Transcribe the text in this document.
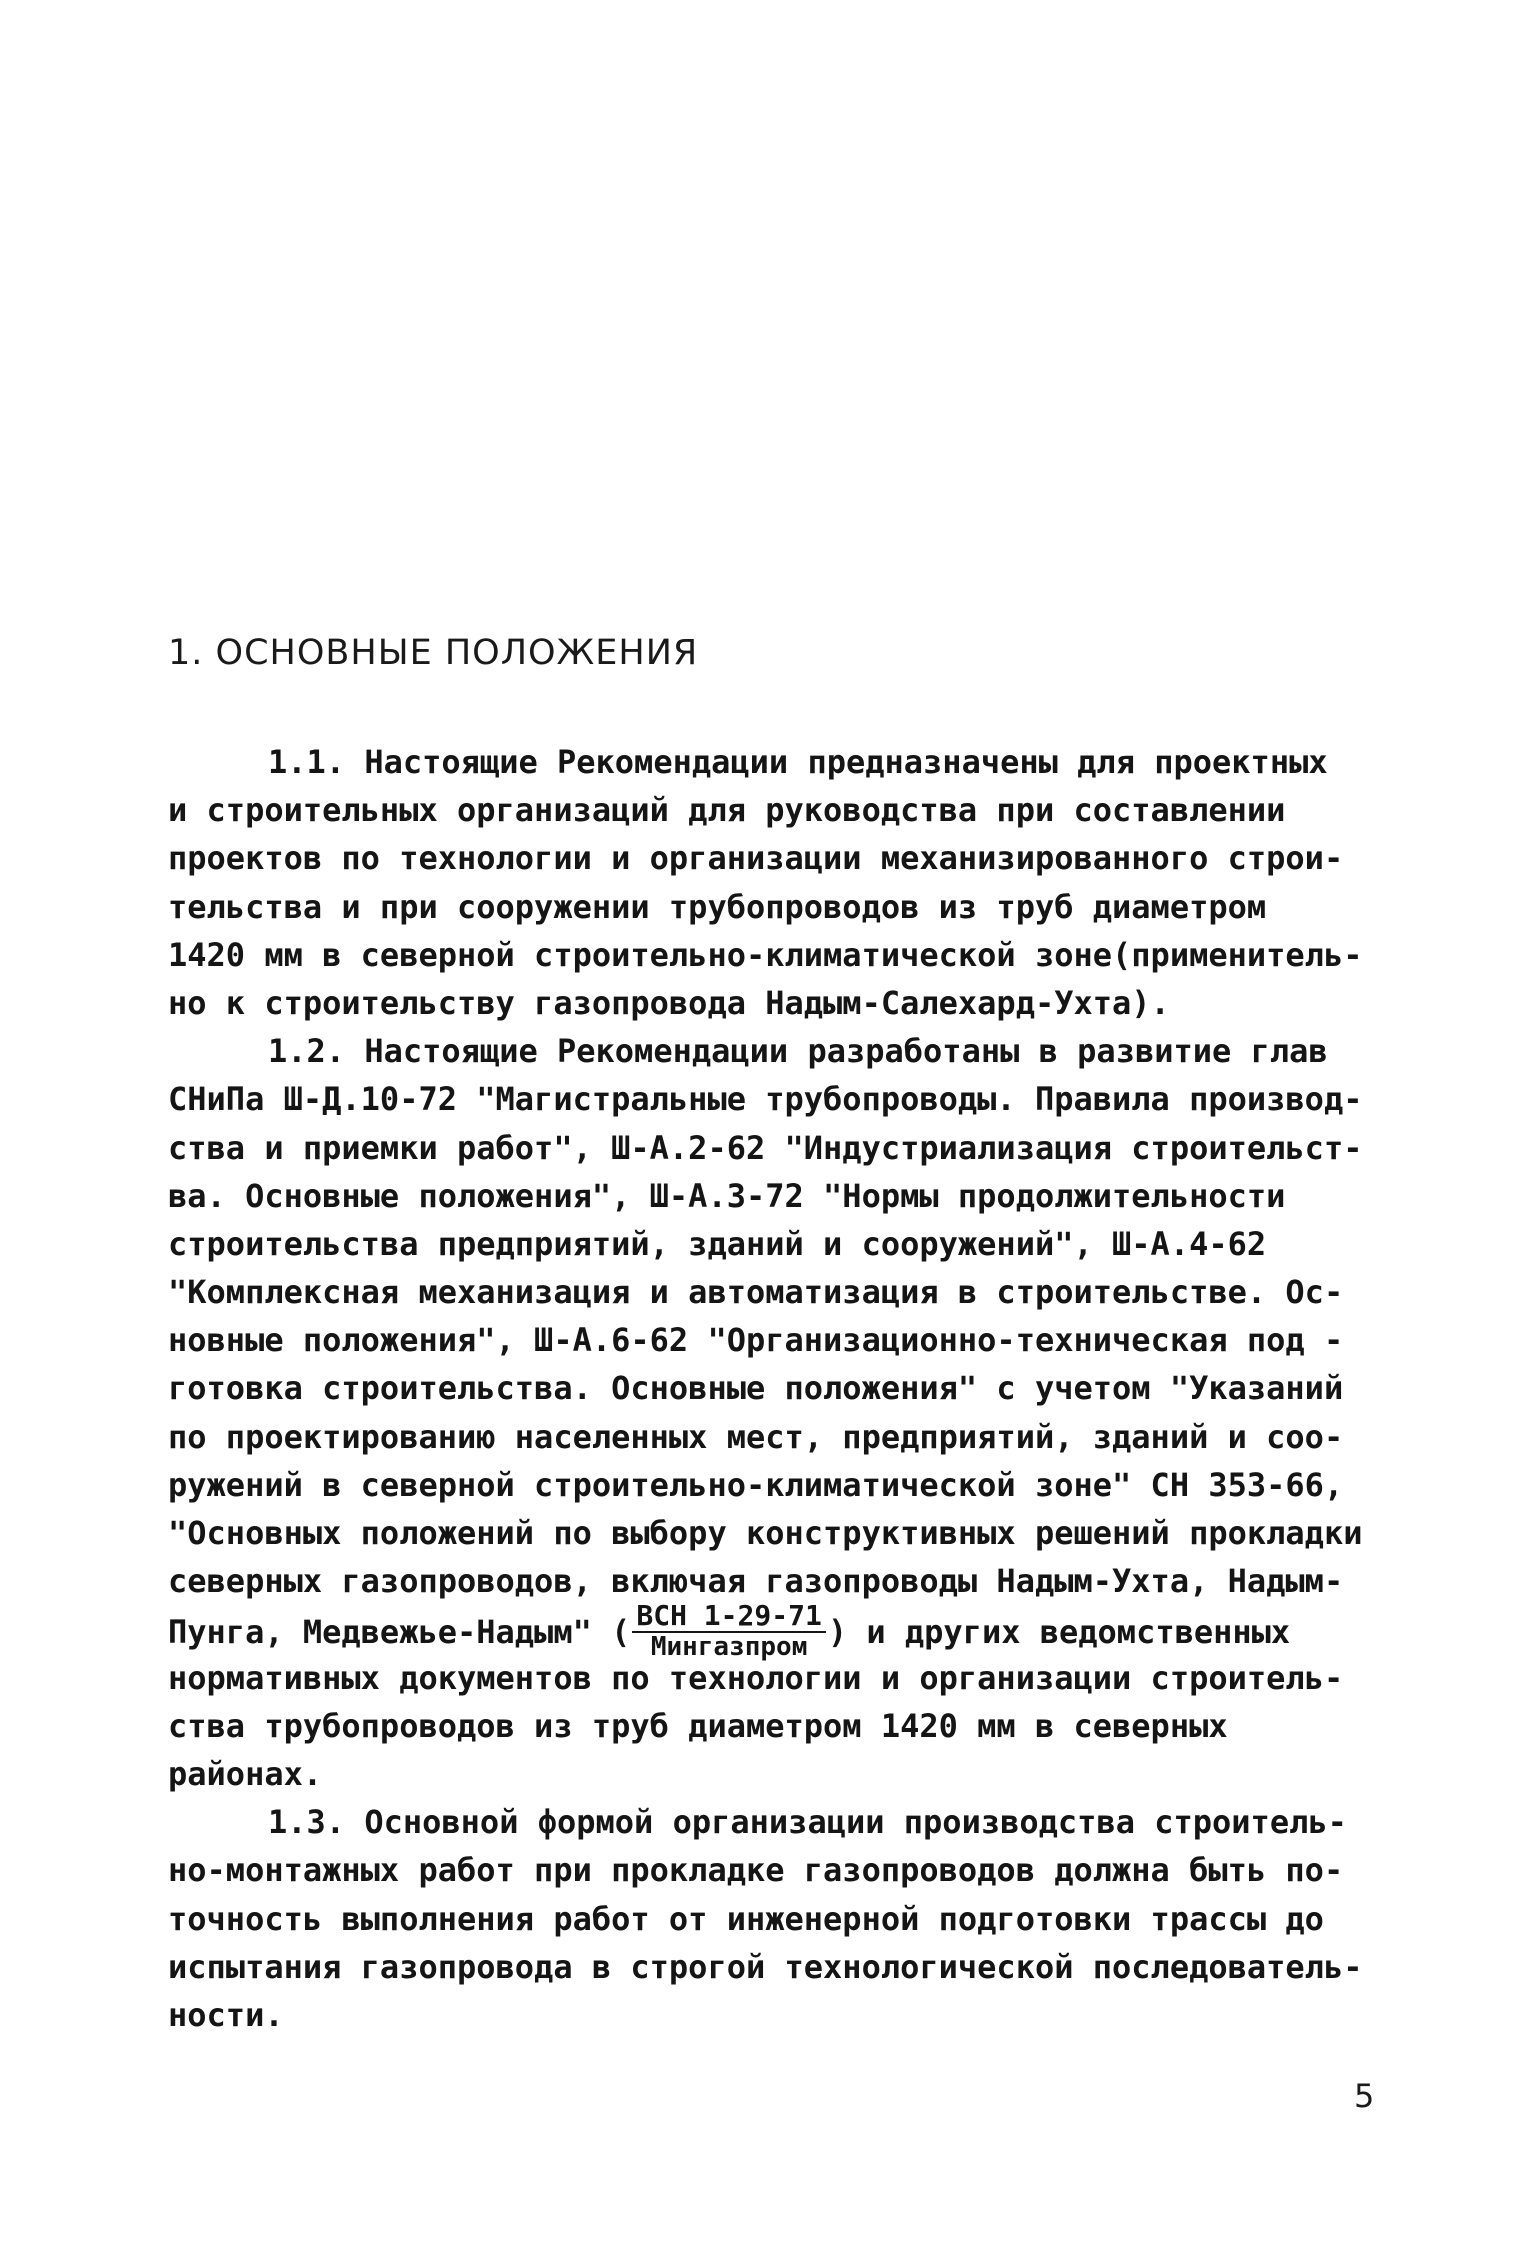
1. ОСНОВНЫЕ ПОЛОЖЕНИЯ
1.1. Настоящие Рекомендации предназначены для проектных
и строительных организаций для руководства при составлении
проектов по технологии и организации механизированного строи-
тельства и при сооружении трубопроводов из труб диаметром
1420 мм в северной строительно-климатической зоне(применитель-
но к строительству газопровода Надым-Салехард-Ухта).
1.2. Настоящие Рекомендации разработаны в развитие глав
СНиПа Ш-Д.10-72 "Магистральные трубопроводы. Правила производ-
ства и приемки работ", Ш-А.2-62 "Индустриализация строительст-
ва. Основные положения", Ш-А.3-72 "Нормы продолжительности
строительства предприятий, зданий и сооружений", Ш-А.4-62
"Комплексная механизация и автоматизация в строительстве. Ос-
новные положения", Ш-А.6-62 "Организационно-техническая под -
готовка строительства. Основные положения" с учетом "Указаний
по проектированию населенных мест, предприятий, зданий и соо-
ружений в северной строительно-климатической зоне" СН 353-66,
"Основных положений по выбору конструктивных решений прокладки
северных газопроводов, включая газопроводы Надым-Ухта, Надым-
Пунга, Медвежье-Надым" ( $\frac{\text{ВСН 1-29-71}}{\text{Мингазпром}}$ ) и других ведомственных
нормативных документов по технологии и организации строитель-
ства трубопроводов из труб диаметром 1420 мм в северных
районах.
1.3. Основной формой организации производства строитель-
но-монтажных работ при прокладке газопроводов должна быть по-
точность выполнения работ от инженерной подготовки трассы до
испытания газопровода в строгой технологической последователь-
ности.
5
